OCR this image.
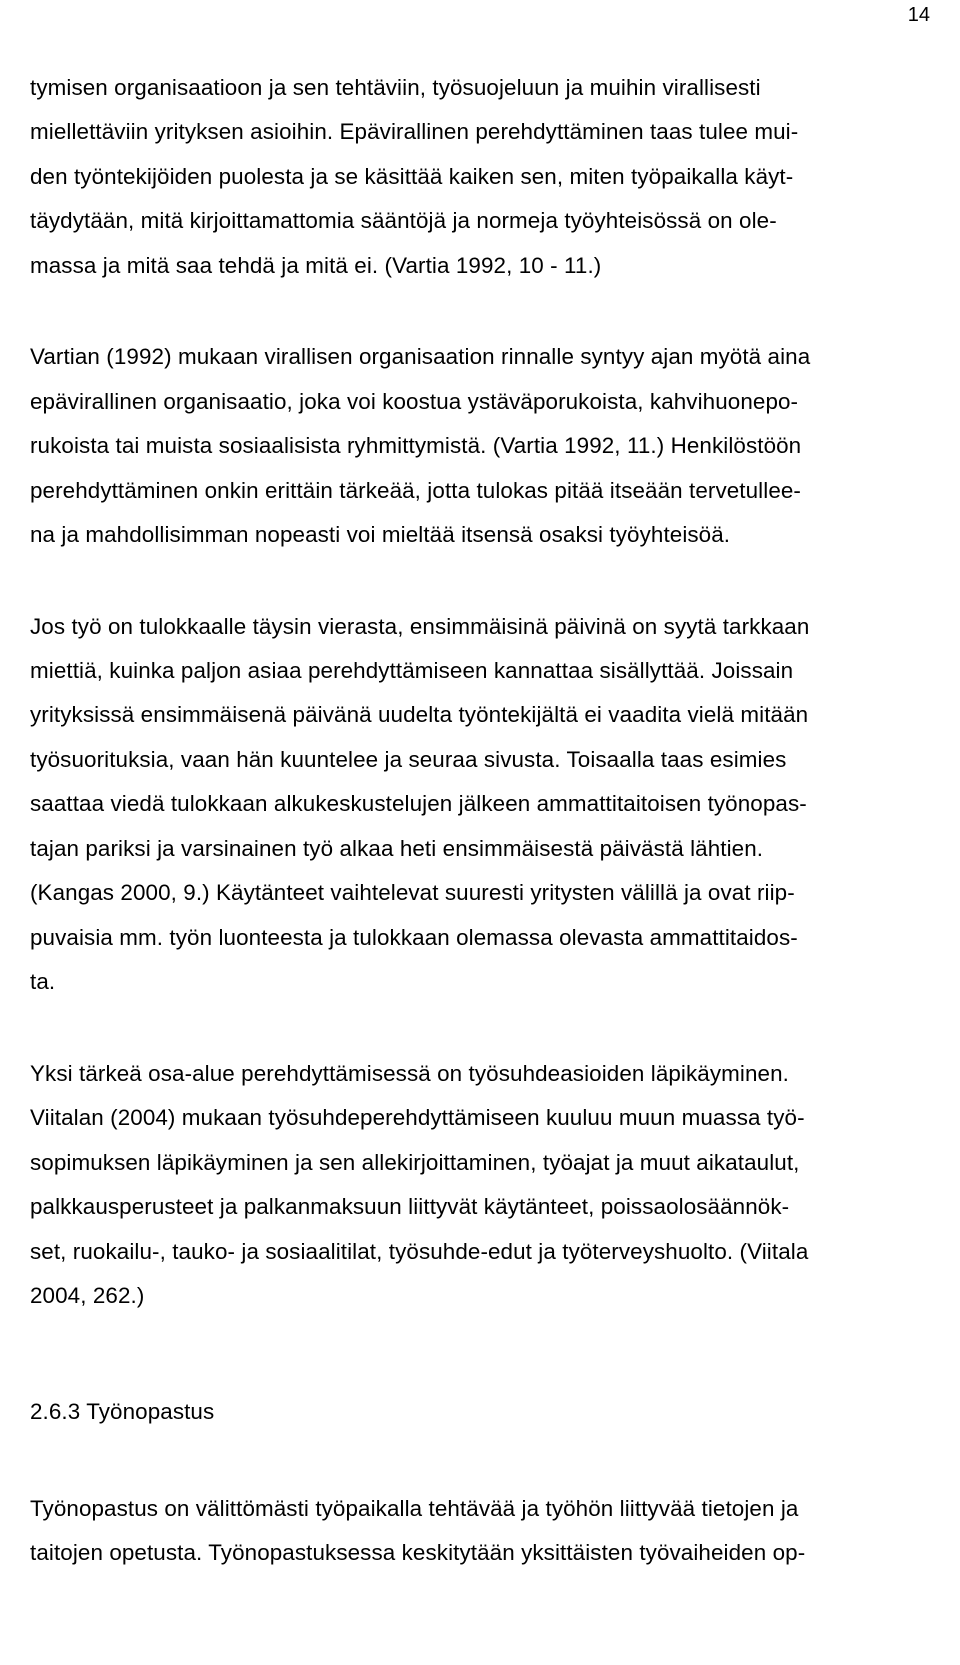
14
tymisen organisaatioon ja sen tehtäviin, työsuojeluun ja muihin virallisesti
miellettäviin yrityksen asioihin. Epävirallinen perehdyttäminen taas tulee mui-
den työntekijöiden puolesta ja se käsittää kaiken sen, miten työpaikalla käyt-
täydytään, mitä kirjoittamattomia sääntöjä ja normeja työyhteisössä on ole-
massa ja mitä saa tehdä ja mitä ei. (Vartia 1992, 10 - 11.)
Vartian (1992) mukaan virallisen organisaation rinnalle syntyy ajan myötä aina
epävirallinen organisaatio, joka voi koostua ystäväporukoista, kahvihuonepo-
rukoista tai muista sosiaalisista ryhmittymistä. (Vartia 1992, 11.) Henkilöstöön
perehdyttäminen onkin erittäin tärkeää, jotta tulokas pitää itseään tervetullee-
na ja mahdollisimman nopeasti voi mieltää itsensä osaksi työyhteisöä.
Jos työ on tulokkaalle täysin vierasta, ensimmäisinä päivinä on syytä tarkkaan
miettiä, kuinka paljon asiaa perehdyttämiseen kannattaa sisällyttää. Joissain
yrityksissä ensimmäisenä päivänä uudelta työntekijältä ei vaadita vielä mitään
työsuorituksia, vaan hän kuuntelee ja seuraa sivusta. Toisaalla taas esimies
saattaa viedä tulokkaan alkukeskustelujen jälkeen ammattitaitoisen työnopas-
tajan pariksi ja varsinainen työ alkaa heti ensimmäisestä päivästä lähtien.
(Kangas 2000, 9.) Käytänteet vaihtelevat suuresti yritysten välillä ja ovat riip-
puvaisia mm. työn luonteesta ja tulokkaan olemassa olevasta ammattitaidos-
ta.
Yksi tärkeä osa-alue perehdyttämisessä on työsuhdeasioiden läpikäyminen.
Viitalan (2004) mukaan työsuhdeperehdyttämiseen kuuluu muun muassa työ-
sopimuksen läpikäyminen ja sen allekirjoittaminen, työajat ja muut aikataulut,
palkkausperusteet ja palkanmaksuun liittyvät käytänteet, poissaolosäännök-
set, ruokailu-, tauko- ja sosiaalitilat, työsuhde-edut ja työterveyshuolto. (Viitala
2004, 262.)
2.6.3 Työnopastus
Työnopastus on välittömästi työpaikalla tehtävää ja työhön liittyvää tietojen ja
taitojen opetusta. Työnopastuksessa keskitytään yksittäisten työvaiheiden op-
